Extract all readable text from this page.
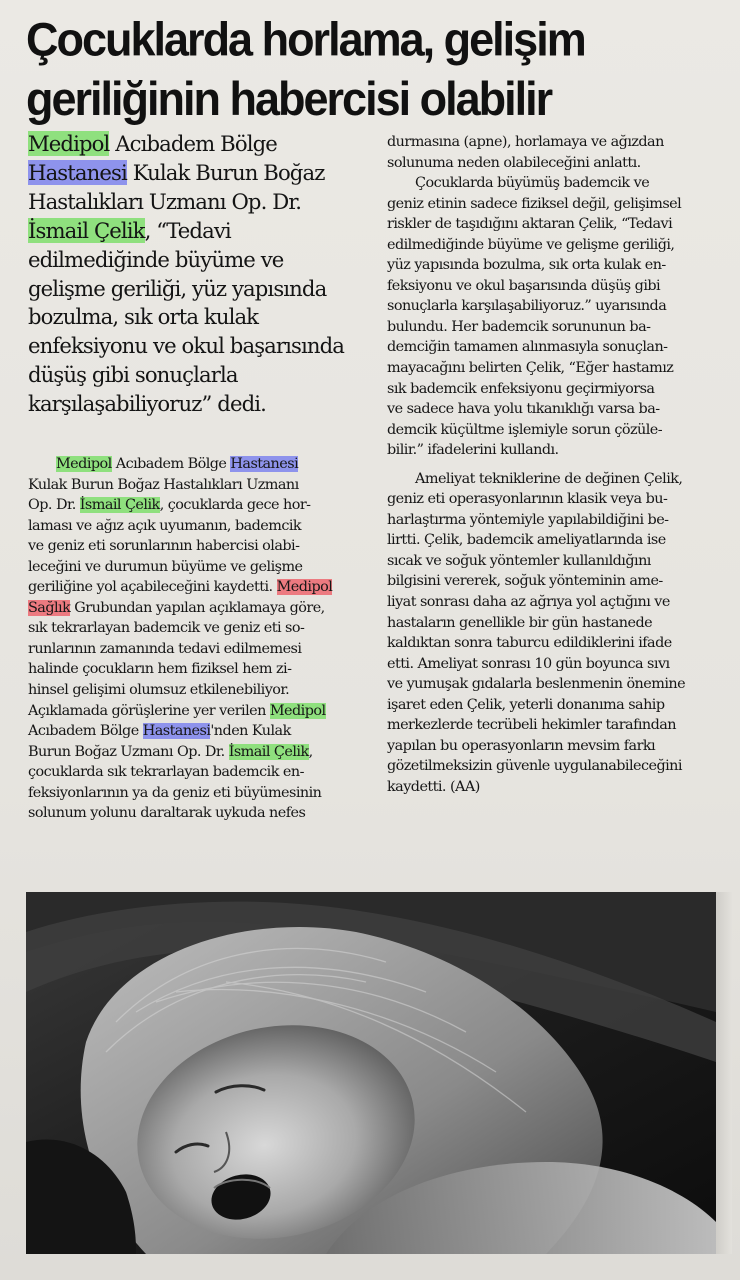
Çocuklarda horlama, gelişim
geriliğinin habercisi olabilir
Medipol Acıbadem Bölge
Hastanesi Kulak Burun Boğaz
Hastalıkları Uzmanı Op. Dr.
İsmail Çelik, “Tedavi
edilmediğinde büyüme ve
gelişme geriliği, yüz yapısında
bozulma, sık orta kulak
enfeksiyonu ve okul başarısında
düşüş gibi sonuçlarla
karşılaşabiliyoruz” dedi.
Medipol Acıbadem Bölge Hastanesi
Kulak Burun Boğaz Hastalıkları Uzmanı
Op. Dr. İsmail Çelik, çocuklarda gece hor-
laması ve ağız açık uyumanın, bademcik
ve geniz eti sorunlarının habercisi olabi-
leceğini ve durumun büyüme ve gelişme
geriliğine yol açabileceğini kaydetti. Medipol
Sağlık Grubundan yapılan açıklamaya göre,
sık tekrarlayan bademcik ve geniz eti so-
runlarının zamanında tedavi edilmemesi
halinde çocukların hem fiziksel hem zi-
hinsel gelişimi olumsuz etkilenebiliyor.
Açıklamada görüşlerine yer verilen Medipol
Acıbadem Bölge Hastanesi'nden Kulak
Burun Boğaz Uzmanı Op. Dr. İsmail Çelik,
çocuklarda sık tekrarlayan bademcik en-
feksiyonlarının ya da geniz eti büyümesinin
solunum yolunu daraltarak uykuda nefes
durmasına (apne), horlamaya ve ağızdan
solunuma neden olabileceğini anlattı.
Çocuklarda büyümüş bademcik ve
geniz etinin sadece fiziksel değil, gelişimsel
riskler de taşıdığını aktaran Çelik, “Tedavi
edilmediğinde büyüme ve gelişme geriliği,
yüz yapısında bozulma, sık orta kulak en-
feksiyonu ve okul başarısında düşüş gibi
sonuçlarla karşılaşabiliyoruz.” uyarısında
bulundu. Her bademcik sorununun ba-
demciğin tamamen alınmasıyla sonuçlan-
mayacağını belirten Çelik, “Eğer hastamız
sık bademcik enfeksiyonu geçirmiyorsa
ve sadece hava yolu tıkanıklığı varsa ba-
demcik küçültme işlemiyle sorun çözüle-
bilir.” ifadelerini kullandı.
Ameliyat tekniklerine de değinen Çelik,
geniz eti operasyonlarının klasik veya bu-
harlaştırma yöntemiyle yapılabildiğini be-
lirtti. Çelik, bademcik ameliyatlarında ise
sıcak ve soğuk yöntemler kullanıldığını
bilgisini vererek, soğuk yönteminin ame-
liyat sonrası daha az ağrıya yol açtığını ve
hastaların genellikle bir gün hastanede
kaldıktan sonra taburcu edildiklerini ifade
etti. Ameliyat sonrası 10 gün boyunca sıvı
ve yumuşak gıdalarla beslenmenin önemine
işaret eden Çelik, yeterli donanıma sahip
merkezlerde tecrübeli hekimler tarafından
yapılan bu operasyonların mevsim farkı
gözetilmeksizin güvenle uygulanabileceğini
kaydetti. (AA)
